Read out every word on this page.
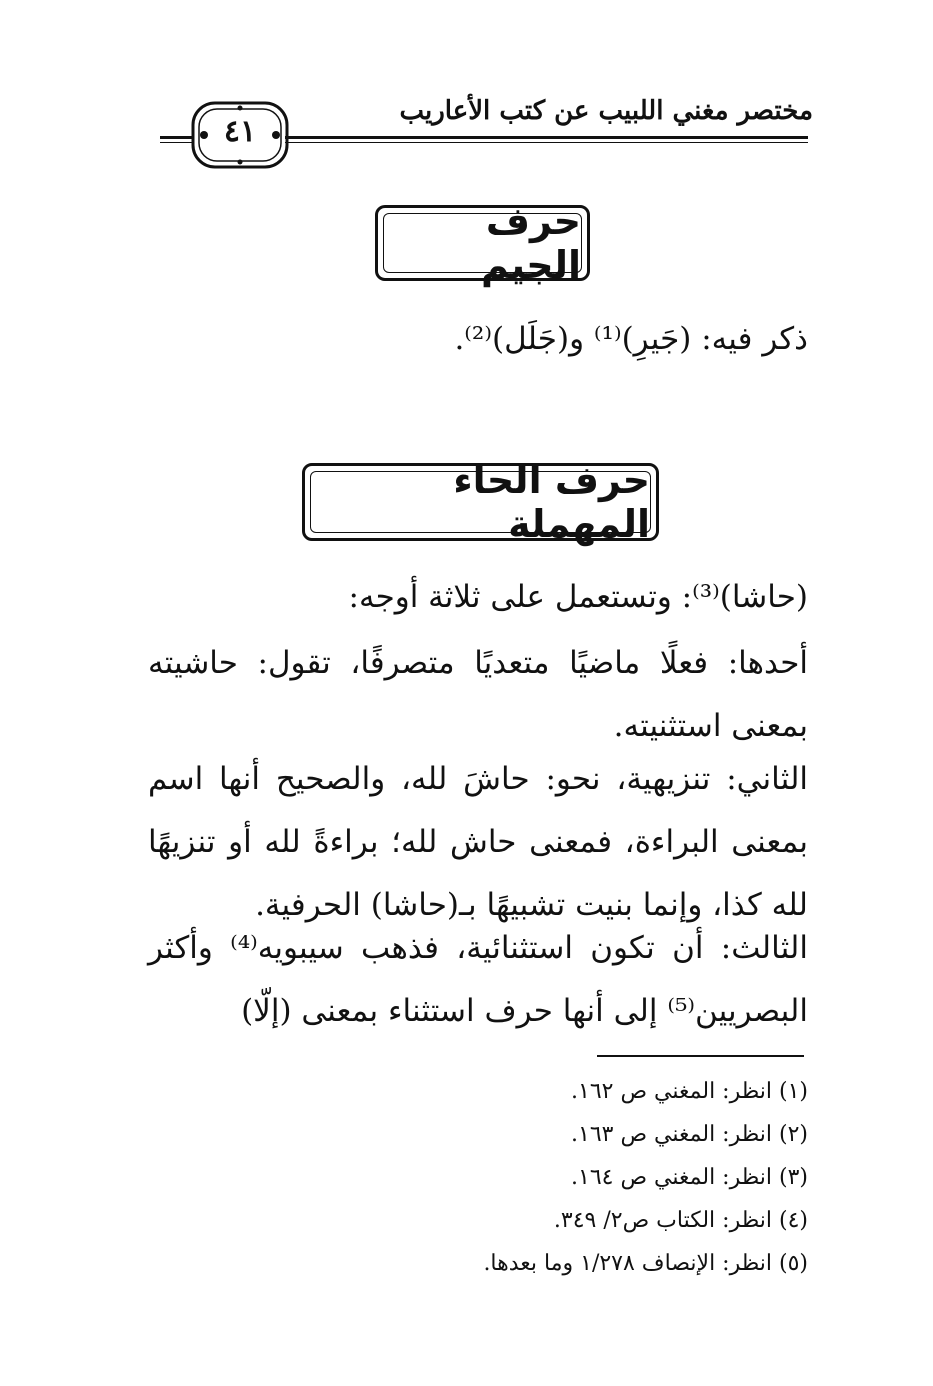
مختصر مغني اللبيب عن كتب الأعاريب
٤١
حرف الجيم
ذكر فيه: (جَيرِ)⁽¹⁾ و(جَلَل)⁽²⁾.
حرف الحاء المهملة
(حاشا)⁽³⁾: وتستعمل على ثلاثة أوجه:
أحدها: فعلًا ماضيًا متعديًا متصرفًا، تقول: حاشيته بمعنى استثنيته.
الثاني: تنزيهية، نحو: حاشَ لله، والصحيح أنها اسم بمعنى البراءة، فمعنى حاش لله؛ براءةً لله أو تنزيهًا لله كذا، وإنما بنيت تشبيهًا بـ(حاشا) الحرفية.
الثالث: أن تكون استثنائية، فذهب سيبويه⁽⁴⁾ وأكثر البصريين⁽⁵⁾ إلى أنها حرف استثناء بمعنى (إلّا)
(١) انظر: المغني ص ١٦٢.
(٢) انظر: المغني ص ١٦٣.
(٣) انظر: المغني ص ١٦٤.
(٤) انظر: الكتاب ص٢/ ٣٤٩.
(٥) انظر: الإنصاف ١/٢٧٨ وما بعدها.
